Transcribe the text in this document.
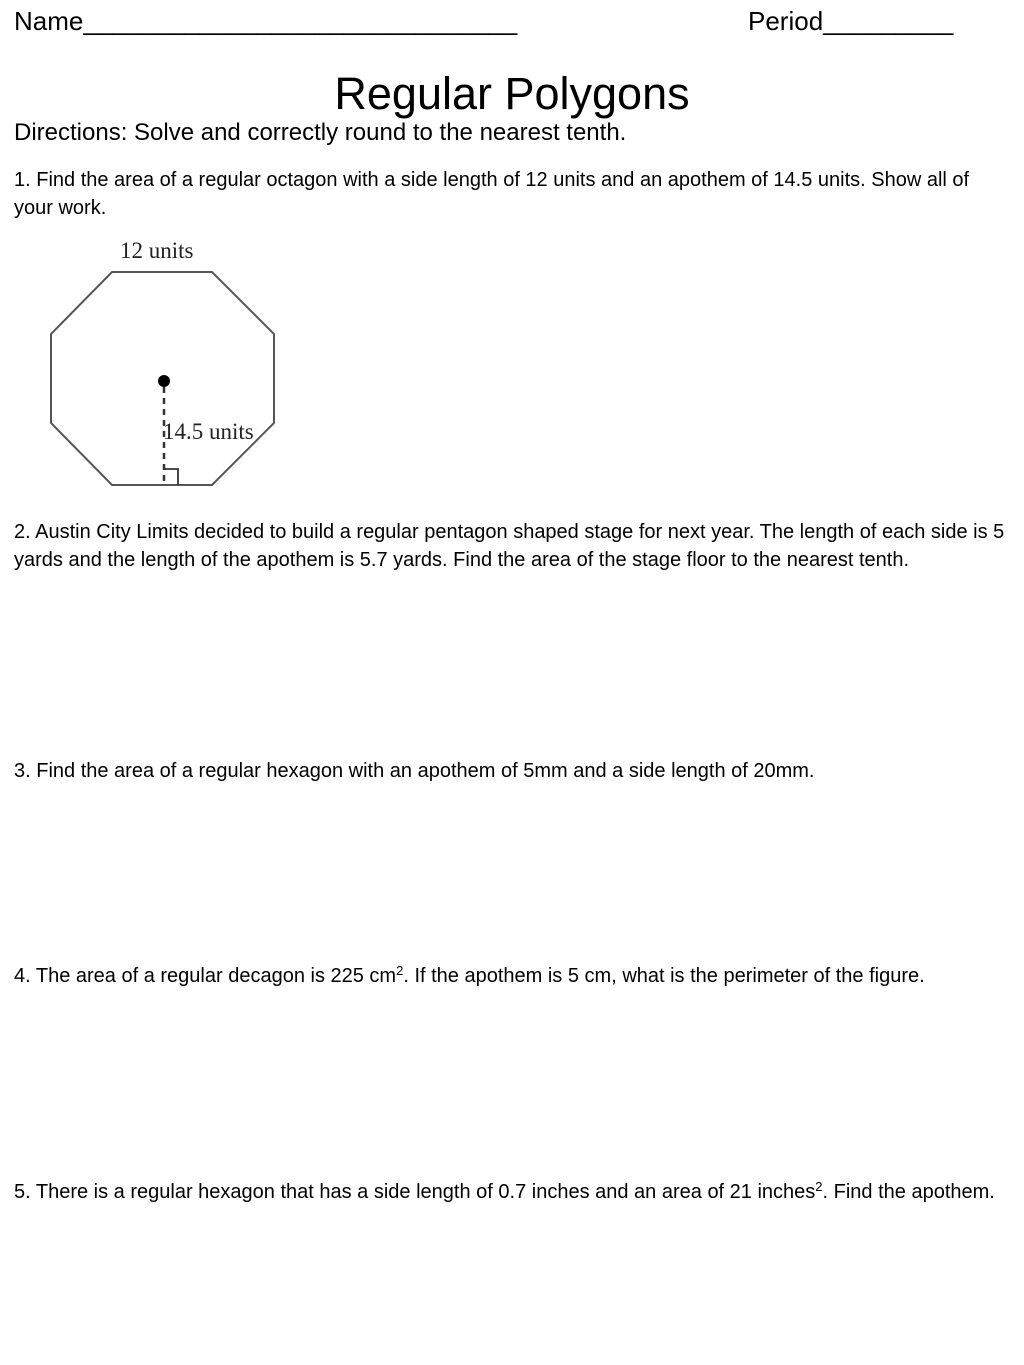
Name______________________________	Period_________
Regular Polygons
Directions: Solve and correctly round to the nearest tenth.
1. Find the area of a regular octagon with a side length of 12 units and an apothem of 14.5 units. Show all of your work.
12 units
14.5 units
2. Austin City Limits decided to build a regular pentagon shaped stage for next year. The length of each side is 5 yards and the length of the apothem is 5.7 yards. Find the area of the stage floor to the nearest tenth.
3. Find the area of a regular hexagon with an apothem of 5mm and a side length of 20mm.
4. The area of a regular decagon is 225 $cm^2$. If the apothem is 5 cm, what is the perimeter of the figure.
5. There is a regular hexagon that has a side length of 0.7 inches and an area of 21 inches$^2$. Find the apothem.
